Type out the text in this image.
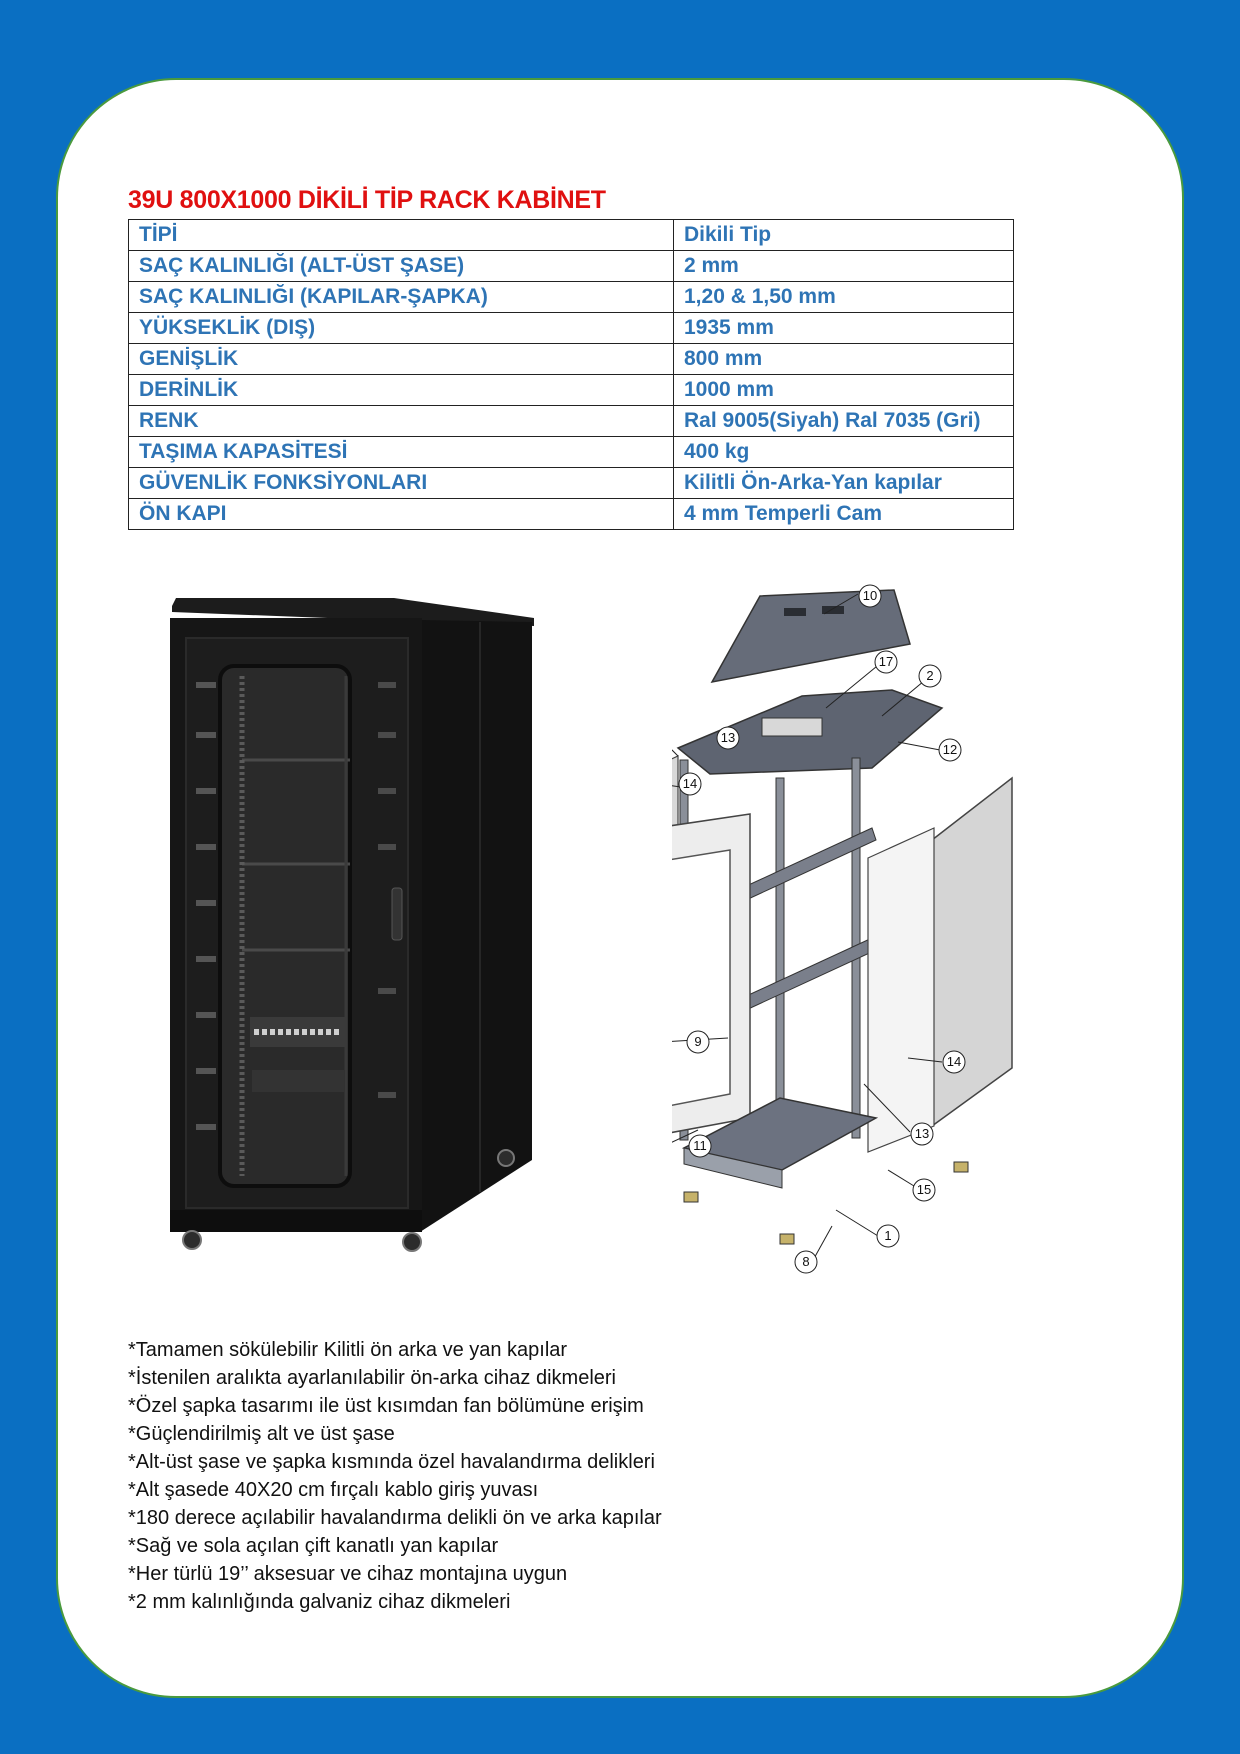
39U 800X1000 DİKİLİ TİP RACK KABİNET
TİPİ	Dikili Tip
SAÇ KALINLIĞI (ALT-ÜST ŞASE)	2 mm
SAÇ KALINLIĞI (KAPILAR-ŞAPKA)	1,20 & 1,50 mm
YÜKSEKLİK (DIŞ)	1935 mm
GENİŞLİK	800 mm
DERİNLİK	1000 mm
RENK	Ral 9005(Siyah) Ral 7035 (Gri)
TAŞIMA KAPASİTESİ	400 kg
GÜVENLİK FONKSİYONLARI	Kilitli Ön-Arka-Yan kapılar
ÖN KAPI	4 mm Temperli Cam
10
17
2
13
12
14
9
14
11
13
15
1
8
*Tamamen sökülebilir Kilitli ön arka ve yan kapılar
*İstenilen aralıkta ayarlanılabilir ön-arka cihaz dikmeleri
*Özel şapka tasarımı ile üst kısımdan fan bölümüne erişim
*Güçlendirilmiş alt ve üst şase
*Alt-üst şase ve şapka kısmında özel havalandırma delikleri
*Alt şasede 40X20 cm fırçalı kablo giriş yuvası
*180 derece açılabilir havalandırma delikli ön ve arka kapılar
*Sağ ve sola açılan çift kanatlı yan kapılar
*Her türlü 19’’ aksesuar ve cihaz montajına uygun
*2 mm kalınlığında galvaniz cihaz dikmeleri
